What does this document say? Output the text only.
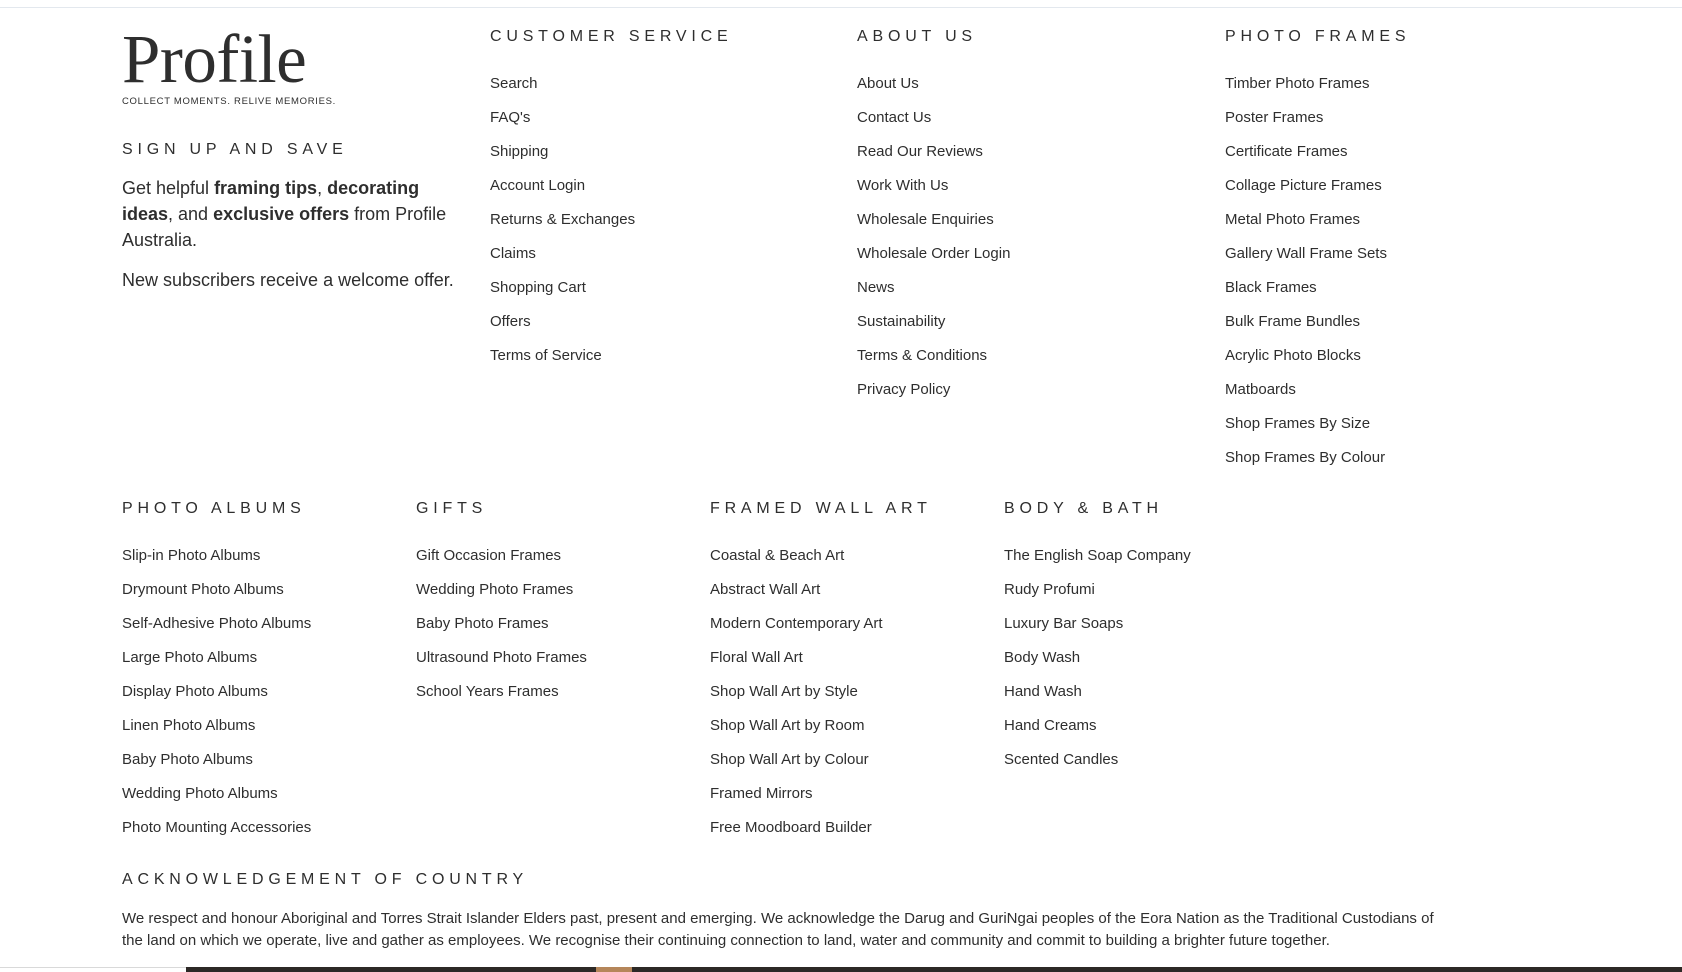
Profile
COLLECT MOMENTS. RELIVE MEMORIES.
SIGN UP AND SAVE
Get helpful framing tips, decorating ideas, and exclusive offers from Profile Australia.
New subscribers receive a welcome offer.
CUSTOMER SERVICE
Search
FAQ's
Shipping
Account Login
Returns & Exchanges
Claims
Shopping Cart
Offers
Terms of Service
ABOUT US
About Us
Contact Us
Read Our Reviews
Work With Us
Wholesale Enquiries
Wholesale Order Login
News
Sustainability
Terms & Conditions
Privacy Policy
PHOTO FRAMES
Timber Photo Frames
Poster Frames
Certificate Frames
Collage Picture Frames
Metal Photo Frames
Gallery Wall Frame Sets
Black Frames
Bulk Frame Bundles
Acrylic Photo Blocks
Matboards
Shop Frames By Size
Shop Frames By Colour
PHOTO ALBUMS
Slip-in Photo Albums
Drymount Photo Albums
Self-Adhesive Photo Albums
Large Photo Albums
Display Photo Albums
Linen Photo Albums
Baby Photo Albums
Wedding Photo Albums
Photo Mounting Accessories
GIFTS
Gift Occasion Frames
Wedding Photo Frames
Baby Photo Frames
Ultrasound Photo Frames
School Years Frames
FRAMED WALL ART
Coastal & Beach Art
Abstract Wall Art
Modern Contemporary Art
Floral Wall Art
Shop Wall Art by Style
Shop Wall Art by Room
Shop Wall Art by Colour
Framed Mirrors
Free Moodboard Builder
BODY & BATH
The English Soap Company
Rudy Profumi
Luxury Bar Soaps
Body Wash
Hand Wash
Hand Creams
Scented Candles
ACKNOWLEDGEMENT OF COUNTRY
We respect and honour Aboriginal and Torres Strait Islander Elders past, present and emerging. We acknowledge the Darug and GuriNgai peoples of the Eora Nation as the Traditional Custodians of the land on which we operate, live and gather as employees. We recognise their continuing connection to land, water and community and commit to building a brighter future together.
